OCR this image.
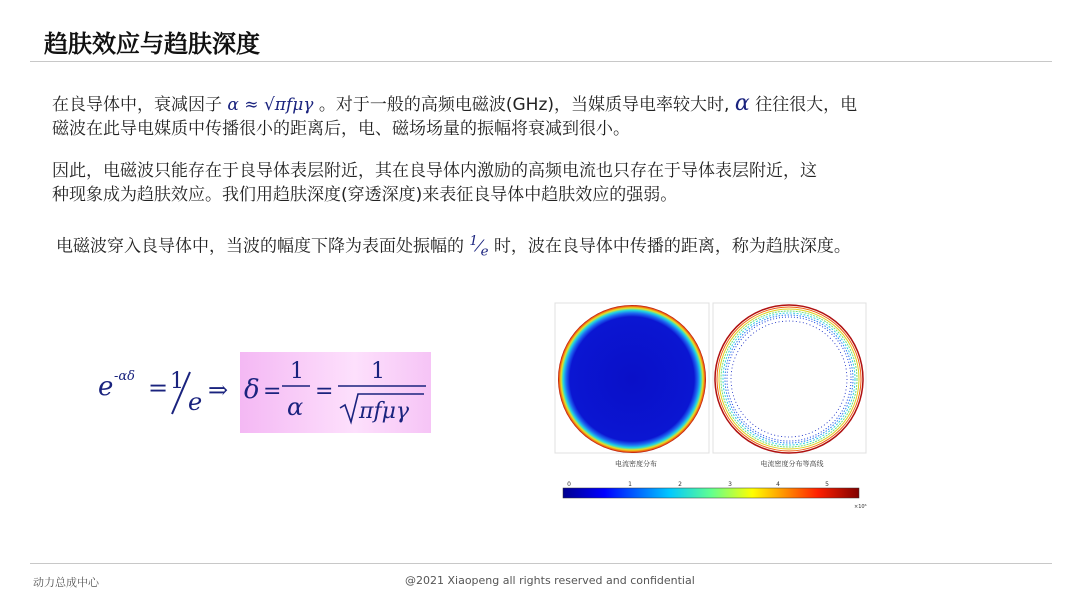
趋肤效应与趋肤深度
在良导体中，衰减因子 α ≈ √πfμγ 。对于一般的高频电磁波(GHz)，当媒质导电率较大时, α 往往很大，电
磁波在此导电媒质中传播很小的距离后，电、磁场场量的振幅将衰减到很小。
因此，电磁波只能存在于良导体表层附近，其在良导体内激励的高频电流也只存在于导体表层附近，这
种现象成为趋肤效应。我们用趋肤深度(穿透深度)来表征良导体中趋肤效应的强弱。
电磁波穿入良导体中，当波的幅度下降为表面处振幅的 $^1⁄_e$ 时，波在良导体中传播的距离，称为趋肤深度。
e -αδ = 1
e ⇒ δ =
1
α
=
1
πfμγ
电流密度分布	电流密度分布等高线
0	1	2	3	4	5
×10⁶
动力总成中心	@2021 Xiaopeng all rights reserved and confidential
